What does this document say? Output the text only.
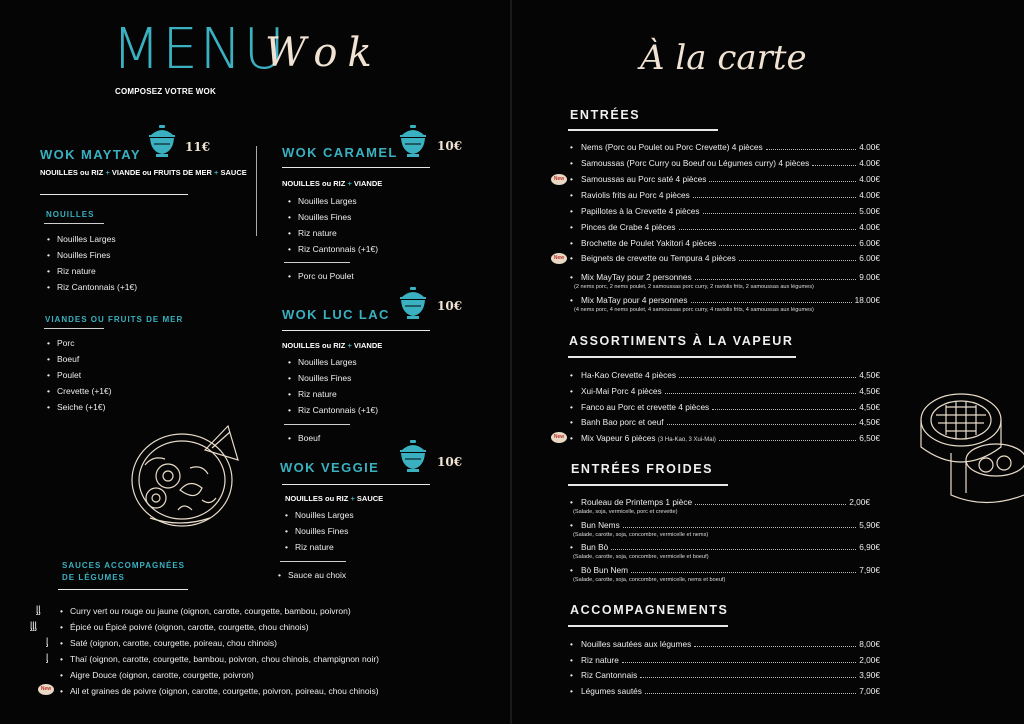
MENU
Wok
COMPOSEZ VOTRE WOK
WOK MAYTAY	11€
NOUILLES ou RIZ + VIANDE ou FRUITS DE MER + SAUCE
NOUILLES
• Nouilles Larges
• Nouilles Fines
• Riz nature
• Riz Cantonnais (+1€)
VIANDES OU FRUITS DE MER
• Porc
• Boeuf
• Poulet
• Crevette (+1€)
• Seiche (+1€)
WOK CARAMEL	10€
NOUILLES ou RIZ + VIANDE
• Nouilles Larges
• Nouilles Fines
• Riz nature
• Riz Cantonnais (+1€)
• Porc ou Poulet
WOK LUC LAC
10€
NOUILLES ou RIZ + VIANDE
• Nouilles Larges
• Nouilles Fines
• Riz nature
• Riz Cantonnais (+1€)
• Boeuf
WOK VEGGIE	10€
NOUILLES ou RIZ + SAUCE
• Nouilles Larges
• Nouilles Fines
• Riz nature
• Sauce au choix
SAUCES ACCOMPAGNÉES
DE LÉGUMES
• Curry vert ou rouge ou jaune (oignon, carotte, courgette, bambou, poivron)
• Épicé ou Épicé poivré (oignon, carotte, courgette, chou chinois)
• Saté (oignon, carotte, courgette, poireau, chou chinois)
• Thaï (oignon, carotte, courgette, bambou, poivron, chou chinois, champignon noir)
• Aigre Douce (oignon, carotte, courgette, poivron)
• Ail et graines de poivre (oignon, carotte, courgette, poivron, poireau, chou chinois)
ᶅᶅ
ᶅᶅᶅ
ᶅ
ᶅ
New
À la carte
ENTRÉES
• Nems (Porc ou Poulet ou Porc Crevette) 4 pièces	4.00€
• Samoussas (Porc Curry ou Boeuf ou Légumes curry) 4 pièces	4.00€
• Samoussas au Porc saté 4 pièces	4.00€
New
• Raviolis frits au Porc 4 pièces	4.00€
• Papillotes à la Crevette 4 pièces	5.00€
• Pinces de Crabe 4 pièces	4.00€
• Brochette de Poulet Yakitori 4 pièces	6.00€
• Beignets de crevette ou Tempura 4 pièces	6.00€
New
• Mix MayTay pour 2 personnes	9.00€
(2 nems porc, 2 nems poulet, 2 samoussas porc curry, 2 raviolis frits, 2 samoussas aux légumes)
• Mix MaTay pour 4 personnes	18.00€
(4 nems porc, 4 nems poulet, 4 samoussas porc curry, 4 raviolis frits, 4 samoussas aux légumes)
ASSORTIMENTS À LA VAPEUR
• Ha-Kao Crevette 4 pièces	4,50€
• Xui-Mai Porc 4 pièces	4,50€
• Fanco au Porc et crevette 4 pièces	4,50€
• Banh Bao porc et oeuf	4,50€
• Mix Vapeur 6 pièces (3 Ha-Kao, 3 Xui-Mai)	6,50€
New
ENTRÉES FROIDES
• Rouleau de Printemps 1 pièce	2,00€
(Salade, soja, vermicelle, porc et crevette)
• Bun Nems	5,90€
(Salade, carotte, soja, concombre, vermicelle et nems)
• Bun Bò	6,90€
(Salade, carotte, soja, concombre, vermicelle et boeuf)
• Bò Bun Nem	7,90€
(Salade, carotte, soja, concombre, vermicelle, nems et boeuf)
ACCOMPAGNEMENTS
• Nouilles sautées aux légumes	8,00€
• Riz nature	2,00€
• Riz Cantonnais	3,90€
• Légumes sautés	7,00€
